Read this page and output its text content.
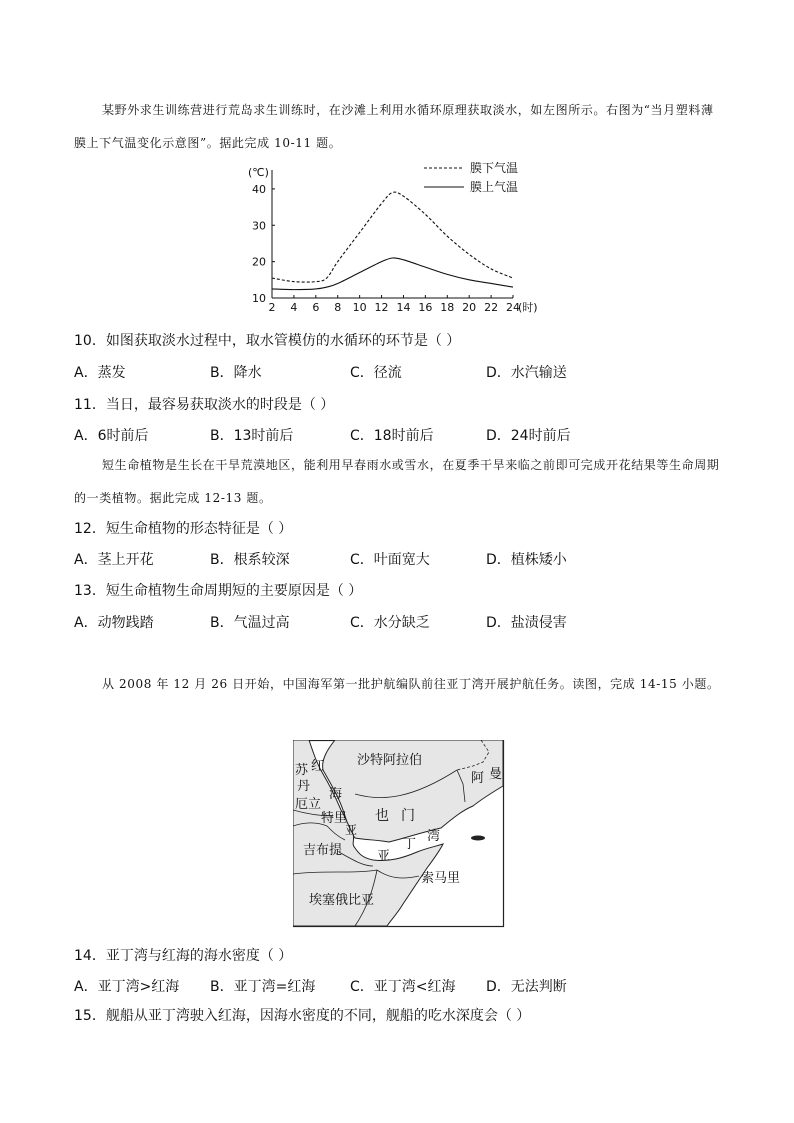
某野外求生训练营进行荒岛求生训练时，在沙滩上利用水循环原理获取淡水，如左图所示。右图为“当月塑料薄膜上下气温变化示意图”。据此完成 10-11 题。
(℃)
10
20
30
40
2 4 6 8 10 12 14 16 18 20 22 24
(时)
膜下气温
膜上气温
10．如图获取淡水过程中，取水管模仿的水循环的环节是（ ）
A．蒸发	B．降水	C．径流	D．水汽输送
11．当日，最容易获取淡水的时段是（ ）
A．6时前后	B．13时前后	C．18时前后	D．24时前后
短生命植物是生长在干旱荒漠地区，能利用早春雨水或雪水，在夏季干旱来临之前即可完成开花结果等生命周期的一类植物。据此完成 12-13 题。
12．短生命植物的形态特征是（ ）
A．茎上开花	B．根系较深	C．叶面宽大	D．植株矮小
13．短生命植物生命周期短的主要原因是（ ）
A．动物践踏	B．气温过高	C．水分缺乏	D．盐渍侵害
从 2008 年 12 月 26 日开始，中国海军第一批护航编队前往亚丁湾开展护航任务。读图，完成 14-15 小题。
沙特阿拉伯
阿 曼
苏
丹
红
海
厄立
特里
亚
也 门
吉布提	亚
丁
湾
索马里
埃塞俄比亚
14．亚丁湾与红海的海水密度（ ）
A．亚丁湾>红海 B．亚丁湾=红海 C．亚丁湾<红海 D．无法判断
15．舰船从亚丁湾驶入红海，因海水密度的不同，舰船的吃水深度会（ ）
